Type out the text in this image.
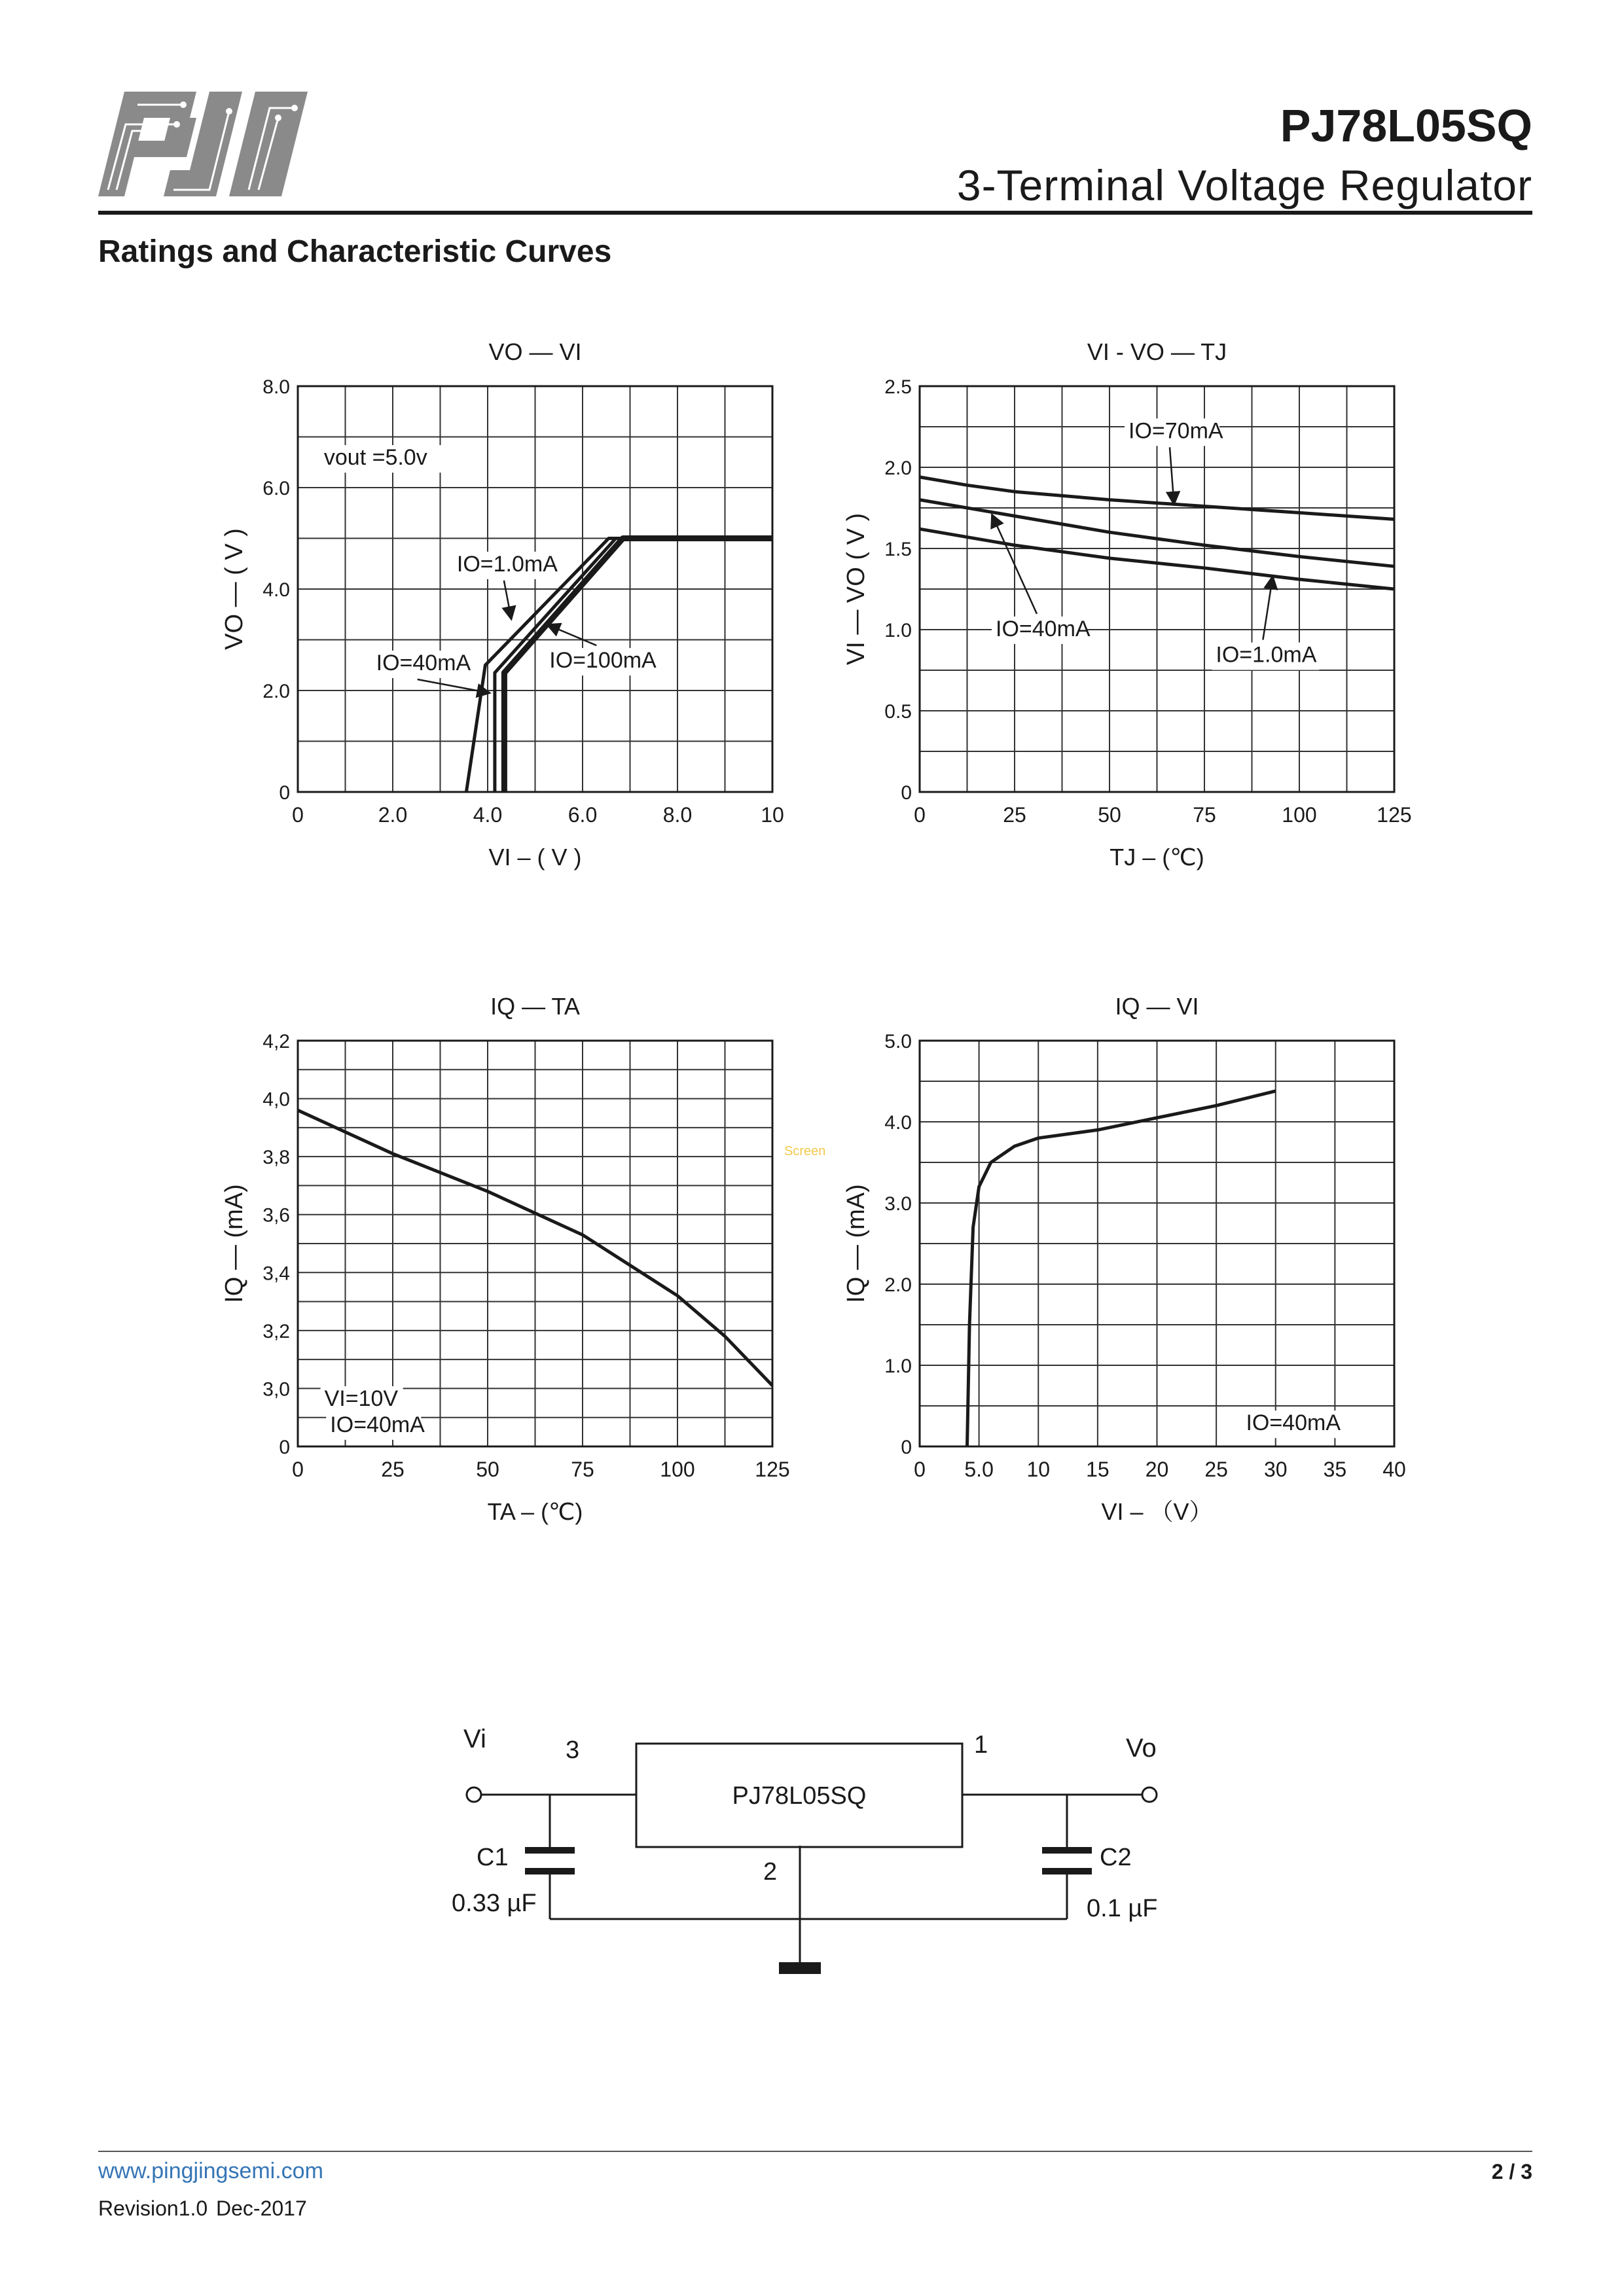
PJ
PJ78L05SQ
3-Terminal Voltage Regulator
Ratings and Characteristic Curves
Screen
0	2.0	4.0	6.0	8.0	10
0
2.0
4.0
6.0
8.0
VO — VI
VI – ( V )
VO — ( V )
vout =5.0v
IO=1.0mA
IO=40mA	IO=100mA
0	25	50	75	100	125
0
0.5
1.0
1.5
2.0
2.5
VI - VO — TJ
TJ – (℃)
VI — VO ( V )
IO=70mA
IO=40mA
IO=1.0mA
0	25	50	75	100	125
0
3,0
3,2
3,4
3,6
3,8
4,0
4,2
IQ — TA
TA – (℃)
IQ — (mA)
VI=10V
IO=40mA
0 5.0 10 15 20 25 30 35 40
0
1.0
2.0
3.0
4.0
5.0
IQ — VI
VI – （V）
IQ — (mA)
IO=40mA
PJ78L05SQ
Vi	Vo
3	1
2
C1
0.33 µF
C2
0.1 µF
www.pingjingsemi.com	2 / 3
Revision1.0 Dec-2017
